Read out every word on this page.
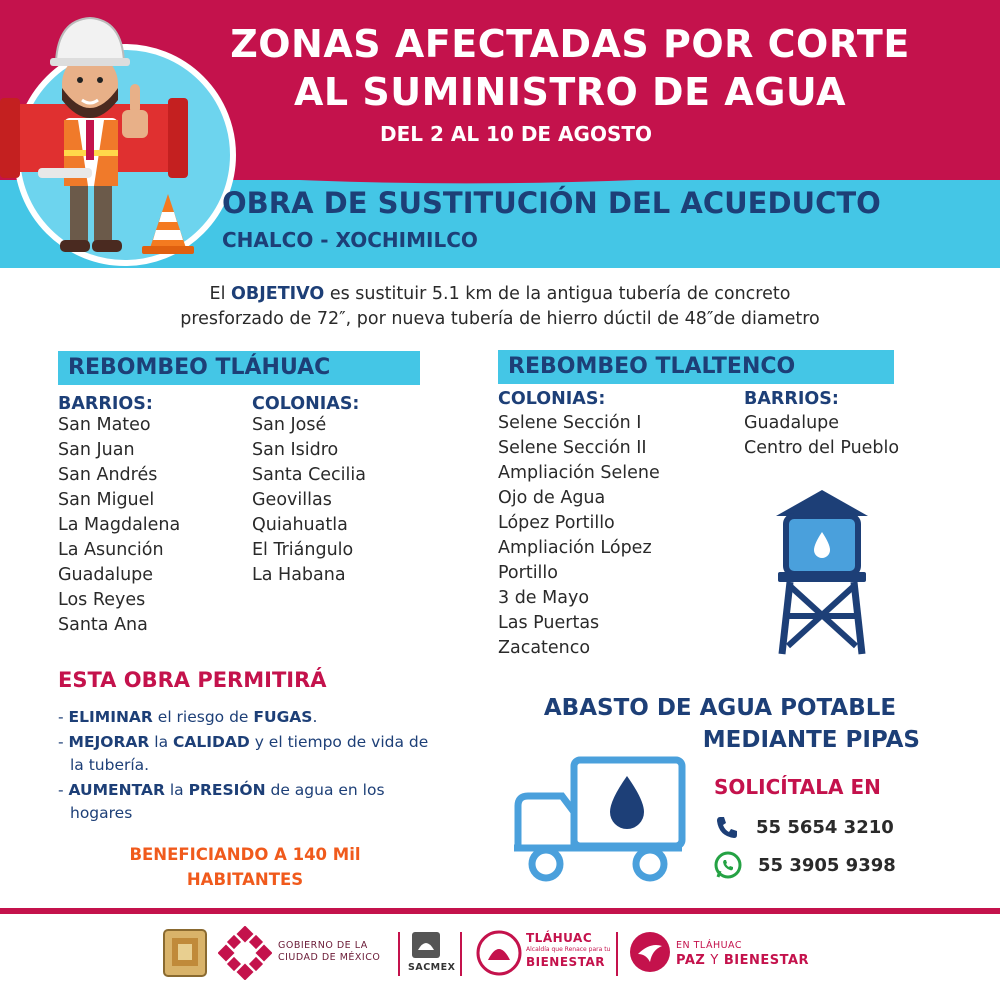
ZONAS AFECTADAS POR CORTE
AL SUMINISTRO DE AGUA
DEL 2 AL 10 DE AGOSTO
OBRA DE SUSTITUCIÓN DEL ACUEDUCTO
CHALCO - XOCHIMILCO
El OBJETIVO es sustituir 5.1 km de la antigua tubería de concreto
presforzado de 72″, por nueva tubería de hierro dúctil de 48″de diametro
REBOMBEO TLÁHUAC
BARRIOS:
San Mateo
San Juan
San Andrés
San Miguel
La Magdalena
La Asunción
Guadalupe
Los Reyes
Santa Ana
COLONIAS:
San José
San Isidro
Santa Cecilia
Geovillas
Quiahuatla
El Triángulo
La Habana
REBOMBEO TLALTENCO
COLONIAS:
Selene Sección I
Selene Sección II
Ampliación Selene
Ojo de Agua
López Portillo
Ampliación López
Portillo
3 de Mayo
Las Puertas
Zacatenco
BARRIOS:
Guadalupe
Centro del Pueblo
ESTA OBRA PERMITIRÁ
- ELIMINAR el riesgo de FUGAS.
- MEJORAR la CALIDAD y el tiempo de vida de la tubería.
- AUMENTAR la PRESIÓN de agua en los hogares
BENEFICIANDO A 140 Mil
HABITANTES
ABASTO DE AGUA POTABLE
MEDIANTE PIPAS
SOLICÍTALA EN
55 5654 3210
55 3905 9398
GOBIERNO DE LA
CIUDAD DE MÉXICO
SACMEX
TLÁHUAC
Alcaldía que Renace para tu
BIENESTAR
EN TLÁHUAC
PAZ Y BIENESTAR
